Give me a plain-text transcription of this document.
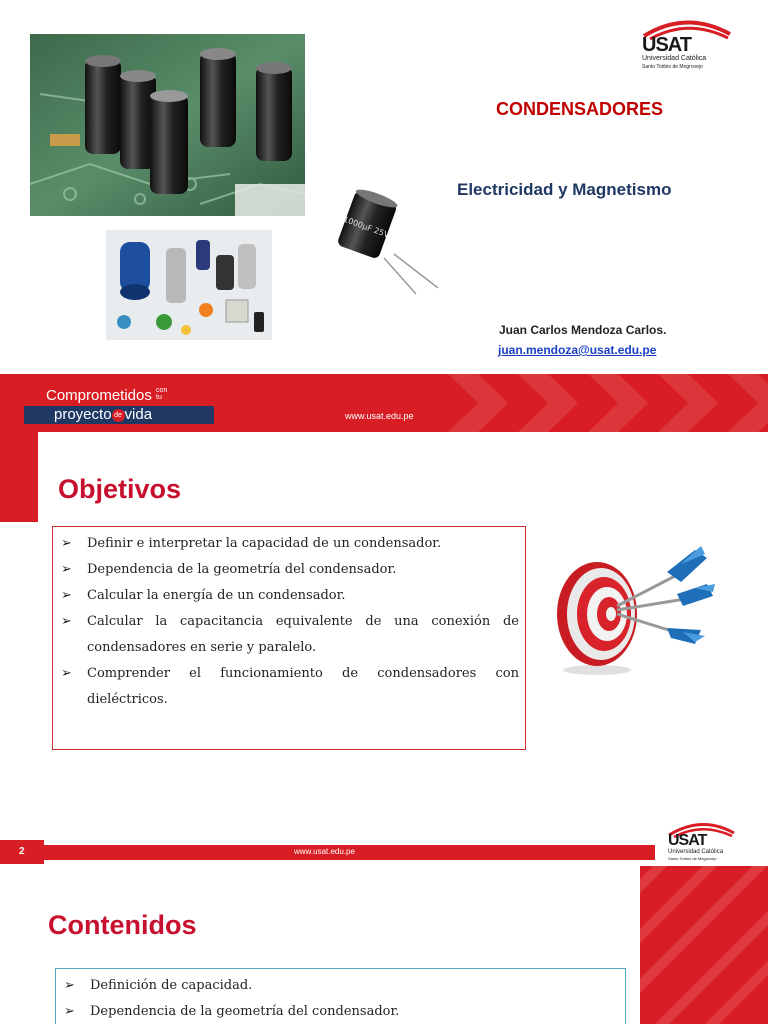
1000µF 25V
USAT
Universidad Católica
Santo Toribio de Mogrovejo
CONDENSADORES
Electricidad y Magnetismo
Juan Carlos Mendoza Carlos.
juan.mendoza@usat.edu.pe
Comprometidos con tu
proyecto de vida	www.usat.edu.pe
Objetivos
➢ Definir e interpretar la capacidad de un condensador.
➢ Dependencia de la geometría del condensador.
➢ Calcular la energía de un condensador.
➢ Calcular la capacitancia equivalente de una conexión de condensadores en serie y paralelo.
➢ Comprender el funcionamiento de condensadores con dieléctricos.
USAT
Universidad Católica
Santo Toribio de Mogrovejo
2	www.usat.edu.pe
Contenidos
➢ Definición de capacidad.
➢ Dependencia de la geometría del condensador.
